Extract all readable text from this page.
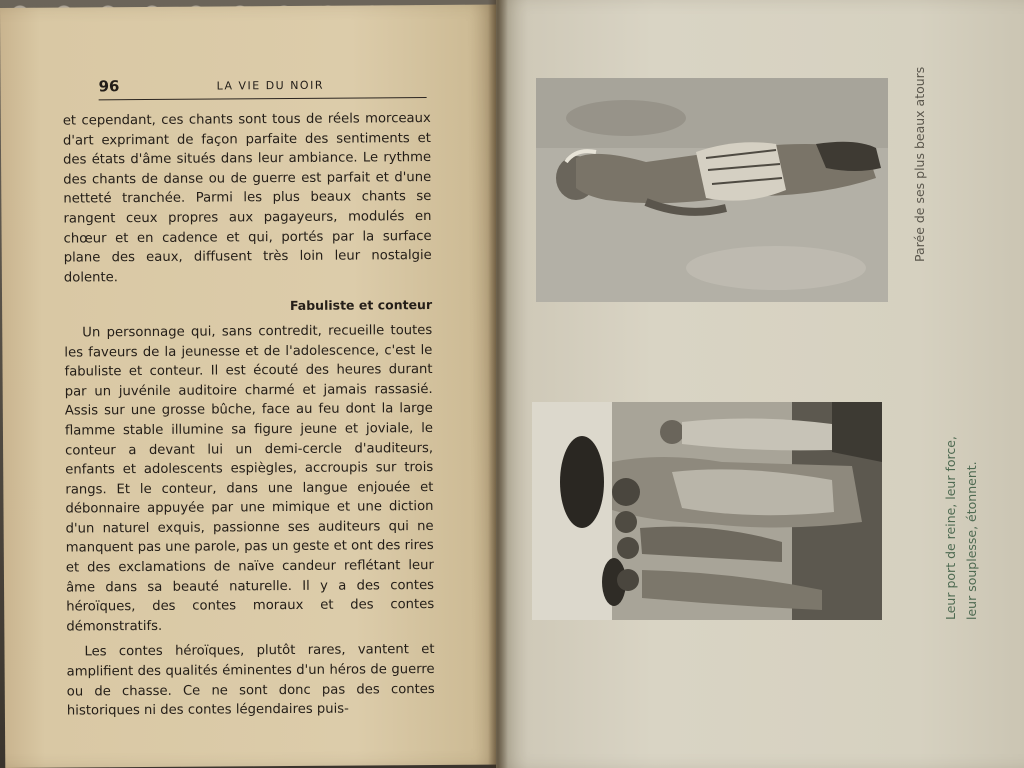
96	LA VIE DU NOIR

et cependant, ces chants sont tous de réels morceaux d'art exprimant de façon parfaite des sentiments et des états d'âme situés dans leur ambiance. Le rythme des chants de danse ou de guerre est parfait et d'une netteté tranchée. Parmi les plus beaux chants se rangent ceux propres aux pagayeurs, modulés en chœur et en cadence et qui, portés par la surface plane des eaux, diffusent très loin leur nostalgie dolente.

Fabuliste et conteur

Un personnage qui, sans contredit, recueille toutes les faveurs de la jeunesse et de l'adolescence, c'est le fabuliste et conteur. Il est écouté des heures durant par un juvénile auditoire charmé et jamais rassasié. Assis sur une grosse bûche, face au feu dont la large flamme stable illumine sa figure jeune et joviale, le conteur a devant lui un demi-cercle d'auditeurs, enfants et adolescents espiègles, accroupis sur trois rangs. Et le conteur, dans une langue enjouée et débonnaire appuyée par une mimique et une diction d'un naturel exquis, passionne ses auditeurs qui ne manquent pas une parole, pas un geste et ont des rires et des exclamations de naïve candeur reflétant leur âme dans sa beauté naturelle. Il y a des contes héroïques, des contes moraux et des contes démonstratifs.

Les contes héroïques, plutôt rares, vantent et amplifient des qualités éminentes d'un héros de guerre ou de chasse. Ce ne sont donc pas des contes historiques ni des contes légendaires puis-

Parée de ses plus beaux atours
Leur port de reine, leur force, leur souplesse, étonnent.
